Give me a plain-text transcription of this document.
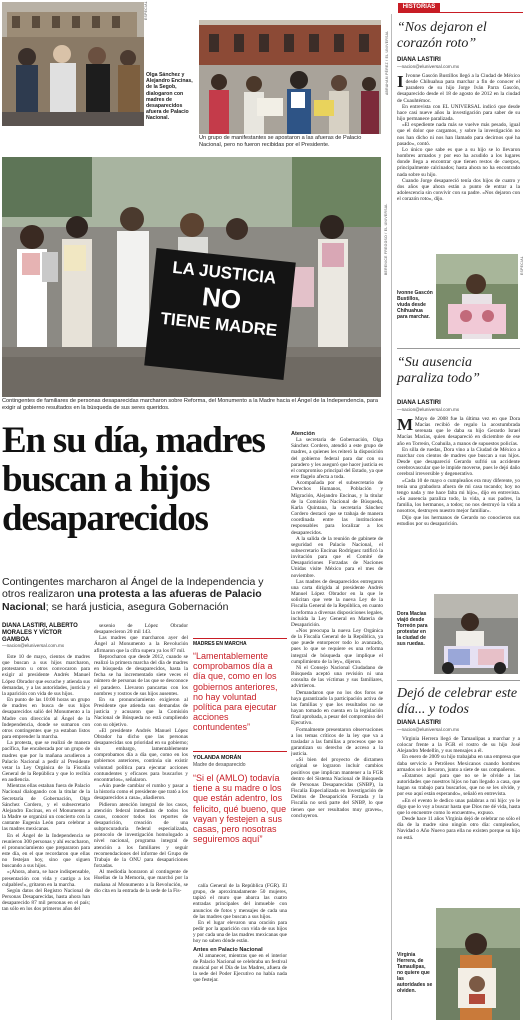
HISTORIAS
ESPECIAL
Olga Sánchez y Alejandro Encinas, de la Segob, dialogaron con madres de desaparecidos afuera de Palacio Nacional.
ABRAHAM PÉREZ / EL UNIVERSAL
Un grupo de manifestantes se apostaron a las afueras de Palacio Nacional, pero no fueron recibidas por el Presidente.
LA JUSTICIA
NO
TIENE MADRE
BERENICE FREGOSO / EL UNIVERSAL
Contingentes de familiares de personas desaparecidas marcharon sobre Reforma, del Monumento a la Madre hacia el Ángel de la Independencia, para exigir al gobierno resultados en la búsqueda de sus seres queridos.
En su día, madres buscan a hijos desaparecidos
Contingentes marcharon al Ángel de la Independencia y otros realizaron una protesta a las afueras de Palacio Nacional; se hará justicia, asegura Gobernación
DIANA LASTIRI, ALBERTO MORALES Y VÍCTOR GAMBOA
—nacion@eluniversal.com.mx

Este 10 de mayo, cientos de madres que buscan a sus hijos marcharon, protestaron u otros convocaron para exigir al presidente Andrés Manuel López Obrador que escuche y atienda sus demandas, y a las autoridades, justicia y la aparición con vida de sus hijos.

En punto de las 10:00 horas un grupo de madres en busca de sus hijos desaparecidos salió del Monumento a la Madre con dirección al Ángel de la Independencia, donde se sumaron con otros contingentes que ya estaban listos para emprender la marcha.

La protesta, que se realizó de manera pacífica, fue encabezada por un grupo de madres que por la mañana acudieron a Palacio Nacional a pedir al Presidente vetar la Ley Orgánica de la Fiscalía General de la República y que lo recibía en audiencia.

Mientras ellas estaban fuera de Palacio Nacional dialogando con la titular de la Secretaría de Gobernación, Olga Sánchez Cordero, y el subsecretario Alejandro Encinas, en el Monumento a la Madre se organizó un concierto con la cantante Eugenia León para celebrar a las madres mexicanas.

En el Ángel de la Independencia se reunieron 300 personas y ahí escucharon, el pronunciamiento que prepararon para este día, en el que recordaron que ellas no festejan hoy, sino que siguen buscando a sus hijos.

«¡Ahora, ahora, se hace indispensable, presentación con vida y castigo a los culpables!», gritaron en la marcha.

Según datos del Registro Nacional de Personas Desaparecidas, hasta ahora han desaparecido 87 mil personas en el país; tan sólo en los dos primeros años del

sexenio de López Obrador desaparecieron 20 mil 143.

Las madres que marcharon ayer del Ángel al Monumento a la Revolución afirmaron que la cifra supera ya los 87 mil.

Reprocharon que desde 2012, cuando se realizó la primera marcha del día de madres en búsqueda de desaparecidos, hasta la fecha se ha incrementado siete veces el número de personas de las que se desconoce el paradero. Llevaron pancartas con los nombres y rostros de sus hijos ausentes.

En su pronunciamiento exigieron al Presidente que atienda sus demandas de justicia y acusaron que la Comisión Nacional de Búsqueda no está cumpliendo con su objetivo.

«El presidente Andrés Manuel López Obrador ha dicho que las personas desaparecidas son prioridad en su gobierno; sin embargo, lamentablemente comprobamos día a día que, como en los gobiernos anteriores, continúa sin existir voluntad política para ejecutar acciones contundentes y eficaces para buscarlos y encontrarlos», señalaron.

«Aún puede cambiar el rumbo y pasar a la historia como el presidente que trató a los desaparecidos a casa», añadieron.

Pidieron atención integral de los casos, atención federal inmediata de todos los casos, conocer todos los reportes de desaparición, creación de una subprocuraduría federal especializada, protocolo de investigación homologado a nivel nacional, programa integral de atención a los familiares y seguir recomendaciones del informe del Grupo de Trabajo de la ONU para desapariciones forzadas.

Al mediodía honraron al contingente de Huellas de la Memoria, que marchó por la mañana al Monumento a la Revolución, se dio cita en la entrada de la sede de la Fis-

MADRES EN MARCHA
“Lamentablemente comprobamos día a día que, como en los gobiernos anteriores, no hay voluntad política para ejecutar acciones contundentes”
YOLANDA MORÁN
Madre de desaparecido
“Si el (AMLO) todavía tiene a su madre o los que están adentro, los felicito, qué bueno, que vayan y festejen a sus casas, pero nosotras seguiremos aquí”

calía General de la República (FGR). El grupo, de aproximadamente 50 mujeres, tapizó el muro que abarca las cuatro entradas principales del inmueble con anuncios de fotos y mensajes de cada una de las madres que buscan a sus hijos.

En el lugar elevaron una oración para pedir por la aparición con vida de sus hijos y por cada una de las madres mexicanas que hoy no saben dónde están.

Antes en Palacio Nacional

Al amanecer, mientras que en el interior de Palacio Nacional se celebraba un festival musical por el Día de las Madres, afuera de la sede del Poder Ejecutivo no había nada que festejar.

Atención

La secretaria de Gobernación, Olga Sánchez Cordero, atendió a este grupo de madres, a quienes les reiteró la disposición del gobierno federal para dar con su paradero y les aseguró que hacer justicia es el compromiso principal del Estado, ya que este flagelo afecta a toda.

Acompañada por el subsecretario de Derechos Humanos, Población y Migración, Alejandro Encinas, y la titular de la Comisión Nacional de Búsqueda, Karla Quintana, la secretaria Sánchez Cordero destacó que se trabaja de manera coordinada entre las instituciones responsables para localizar a los desaparecidos.

A la salida de la reunión de gabinete de seguridad en Palacio Nacional, el subsecretario Encinas Rodríguez ratificó la invitación para que el Comité de Desapariciones Forzadas de Naciones Unidas visite México para el mes de noviembre.

Las madres de desaparecidos entregaron una carta dirigida al presidente Andrés Manuel López Obrador en la que le solicitan que vete la nueva Ley de la Fiscalía General de la República, en cuanto la reforma a diversas disposiciones legales, incluida la Ley General en Materia de Desaparición.

«Nos preocupa la nueva Ley Orgánica de la Fiscalía General de la República, ya que puede entorpecer todo lo avanzado, pues lo que se requiere es una reforma integral de búsqueda que implique el cumplimiento de la ley», dijeron.

Ni el Consejo Nacional Ciudadano de Búsqueda aceptó una revisión ni una consulta de las víctimas y sus familiares, advirtieron.

Demandaron que no los dos foros se haya garantizado la participación activa de las familias y que los resultados no se hayan tomado en cuenta en la legislación final aprobada, a pesar del compromiso del Ejecutivo.

Formalmente presentaron observaciones a los temas críticos de la ley que va a trasladar a las familias a procesos que no garantizan su derecho de acceso a la justicia.

«Si bien del proyecto de dictamen original se lograron incluir cambios positivos que implican mantener a la FGR dentro del Sistema Nacional de Búsqueda de Personas Desaparecidas (SNBP), la Fiscalía Especializada en Investigación de Delitos de Desaparición Forzada y la Fiscalía no será parte del SNBP, lo que tienen que ser resultados muy graves», concluyeron.

“Nos dejaron el corazón roto”
DIANA LASTIRI
—nacion@eluniversal.com.mx

I Ivonne Gascón Bustillos llegó a la Ciudad de México desde Chihuahua para marchar a fin de conocer el paradero de su hijo Jorge Iván Parra Gascón, desaparecido desde el 18 de agosto de 2012 en la ciudad de Cuauhtémoc.

En entrevista con EL UNIVERSAL indicó que desde hace casi nueve años la investigación para saber de su hijo permanece paralizada.

«El expediente nada más se vuelve más pesado, igual que el dolor que cargamos, y sobre la investigación no nos han dicho ni nos han llamado para decirnos qué ha pasado», contó.

Lo único que sabe es que a su hijo se lo llevaron hombres armados y por eso ha acudido a los lugares donde llega a encontrar que tienen restos de cuerpos, principalmente calcinados; hasta ahora no ha encontrado nada sobre su hijo.

Cuando Jorge desapareció tenía dos hijos de cuatro y dos años que ahora están a punto de entrar a la adolescencia sin convivir con su padre. «Nos dejaron con el corazón roto», dijo.

Ivonne Gascón Bustillos, viuda desde Chihuahua para marchar.
ESPECIAL
“Su ausencia paraliza todo”
DIANA LASTIRI
—nacion@eluniversal.com.mx

M Mayo de 2008 fue la última vez en que Dora Macías recibió de regalo la acostumbrada serenata que le daba su hijo Gerardo Israel Macías Macías, quien desapareció en diciembre de ese año en Torreón, Coahuila, a manos de supuestos policías.

En silla de ruedas, Dora vino a la Ciudad de México a marchar con cientos de madres que buscan a sus hijos. Desde que desapareció Gerardo sufrió un accidente cerebrovascular que le impide moverse, pues le dejó daño cerebral irreversible y degenerativo.

«Cada 10 de mayo o cumpleaños era muy diferente, yo tenía una grabadora afuera de mi casa tocando; hoy no tengo nada y me hace falta mi hijo», dijo en entrevista. «Su ausencia paraliza todo, la vida, a sus padres, la familia, los hermanos, a todos; no nos destruyó la vida a nosotros, destruyen nuestro mejor familiar».

Dijo que los hermanos de Gerardo no conocieron sus estudios por su desaparición.

Dora Macías viajó desde Torreón para protestar en la ciudad de sus ruedas.
Dejó de celebrar este día... y todos
DIANA LASTIRI
—nacion@eluniversal.com.mx

Virginia Herrera llegó de Tamaulipas a marchar y a colocar frente a la FGR el rostro de su hijo José Alejandro Medellín, y sus mensajes a él.

En enero de 2009 su hijo trabajaba en una empresa que daba servicio a Petróleos Mexicanos cuando hombres armados se lo llevaron, junto a siete de sus compañeros.

«Estamos aquí para que no se le olvide a las autoridades que nuestros hijos no han llegado a casa, que hagan su trabajo para buscarlos, que no se les olvide, y por eso aquí están esperando», señaló en entrevista.

«En el evento le dedico unas palabras a mi hijo: yo le digo que lo voy a buscar hasta que Dios me dé vida, hasta que lo encuentre como lo encuentre», expuso.

Desde hace 11 años Virginia dejó de celebrar no sólo el día de la madre sino ningún otro día: cumpleaños, Navidad o Año Nuevo para ella no existen porque su hijo no está.

Virginia Herrera, de Tamaulipas, no quiere que las autoridades se olviden.
